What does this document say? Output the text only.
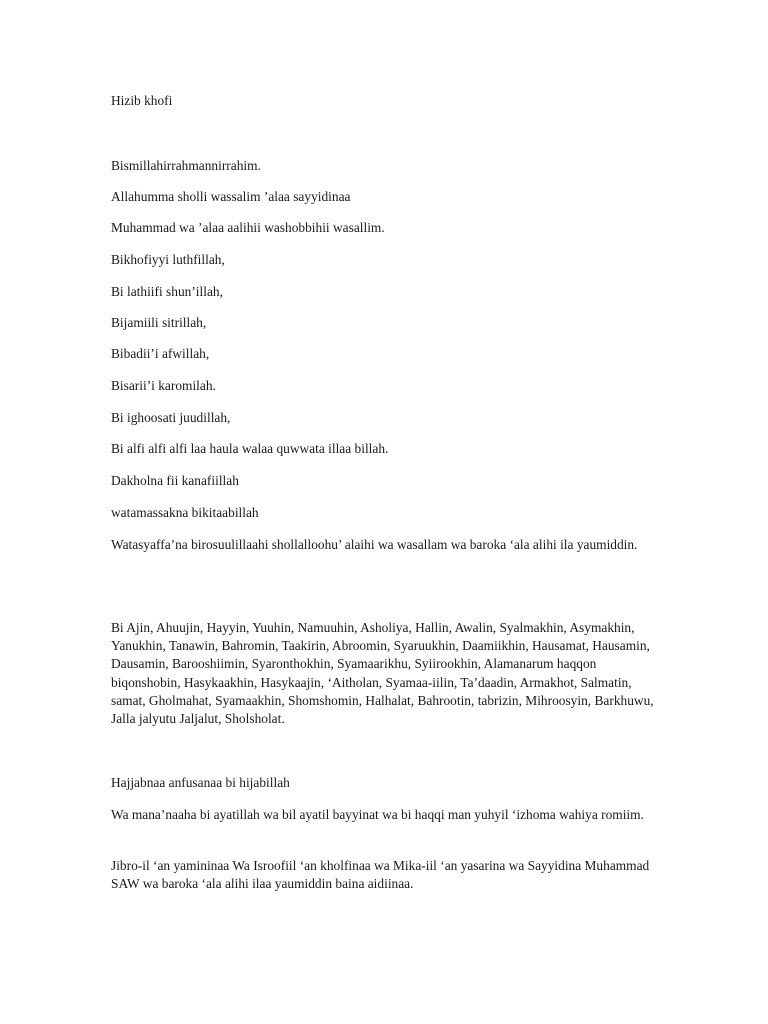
Hizib khofi

Bismillahirrahmannirrahim.

Allahumma sholli wassalim ’alaa sayyidinaa

Muhammad wa ’alaa aalihii washobbihii wasallim.

Bikhofiyyi luthfillah,

Bi lathiifi shun’illah,

Bijamiili sitrillah,

Bibadii’i afwillah,

Bisarii’i karomilah.

Bi ighoosati juudillah,

Bi alfi alfi alfi laa haula walaa quwwata illaa billah.

Dakholna fii kanafiillah

watamassakna bikitaabillah

Watasyaffa’na birosuulillaahi shollalloohu’ alaihi wa wasallam wa baroka ‘ala alihi ila yaumiddin.

Bi Ajin, Ahuujin, Hayyin, Yuuhin, Namuuhin, Asholiya, Hallin, Awalin, Syalmakhin, Asymakhin, Yanukhin, Tanawin, Bahromin, Taakirin, Abroomin, Syaruukhin, Daamiikhin, Hausamat, Hausamin, Dausamin, Barooshiimin, Syaronthokhin, Syamaarikhu, Syiirookhin, Alamanarum haqqon biqonshobin, Hasykaakhin, Hasykaajin, ‘Aitholan, Syamaa-iilin, Ta’daadin, Armakhot, Salmatin, samat, Gholmahat, Syamaakhin, Shomshomin, Halhalat, Bahrootin, tabrizin, Mihroosyin, Barkhuwu, Jalla jalyutu Jaljalut, Sholsholat.

Hajjabnaa anfusanaa bi hijabillah

Wa mana’naaha bi ayatillah wa bil ayatil bayyinat wa bi haqqi man yuhyil ‘izhoma wahiya romiim.

Jibro-il ‘an yamininaa Wa Isroofiil ‘an kholfinaa wa Mika-iil ‘an yasarina wa Sayyidina Muhammad SAW wa baroka ‘ala alihi ilaa yaumiddin baina aidiinaa.
